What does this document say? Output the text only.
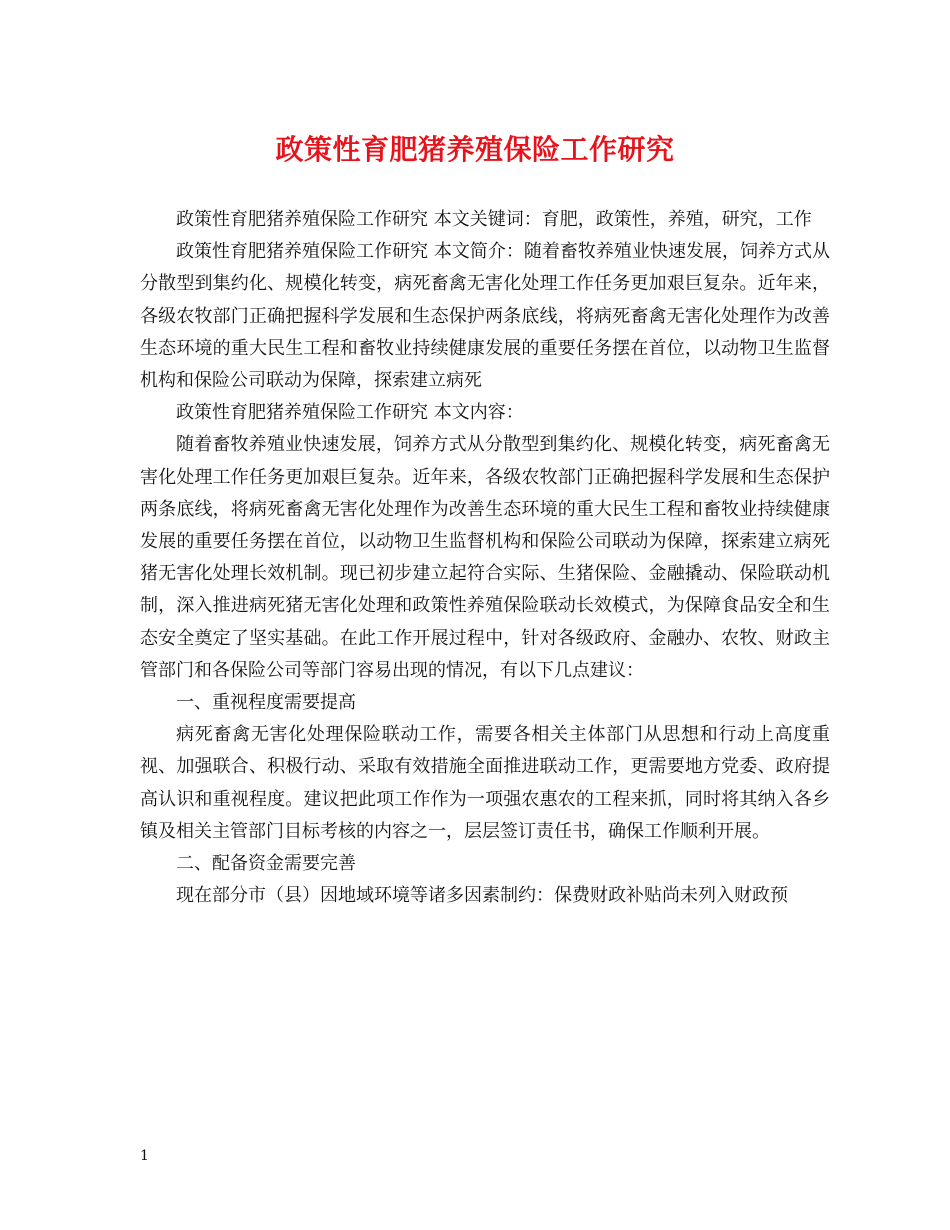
政策性育肥猪养殖保险工作研究

政策性育肥猪养殖保险工作研究 本文关键词：育肥，政策性，养殖，研究，工作

政策性育肥猪养殖保险工作研究 本文简介：随着畜牧养殖业快速发展，饲养方式从分散型到集约化、规模化转变，病死畜禽无害化处理工作任务更加艰巨复杂。近年来，各级农牧部门正确把握科学发展和生态保护两条底线，将病死畜禽无害化处理作为改善生态环境的重大民生工程和畜牧业持续健康发展的重要任务摆在首位，以动物卫生监督机构和保险公司联动为保障，探索建立病死

政策性育肥猪养殖保险工作研究 本文内容：

随着畜牧养殖业快速发展，饲养方式从分散型到集约化、规模化转变，病死畜禽无害化处理工作任务更加艰巨复杂。近年来，各级农牧部门正确把握科学发展和生态保护两条底线，将病死畜禽无害化处理作为改善生态环境的重大民生工程和畜牧业持续健康发展的重要任务摆在首位，以动物卫生监督机构和保险公司联动为保障，探索建立病死猪无害化处理长效机制。现已初步建立起符合实际、生猪保险、金融撬动、保险联动机制，深入推进病死猪无害化处理和政策性养殖保险联动长效模式，为保障食品安全和生态安全奠定了坚实基础。在此工作开展过程中，针对各级政府、金融办、农牧、财政主管部门和各保险公司等部门容易出现的情况，有以下几点建议：

一、重视程度需要提高

病死畜禽无害化处理保险联动工作，需要各相关主体部门从思想和行动上高度重视、加强联合、积极行动、采取有效措施全面推进联动工作，更需要地方党委、政府提高认识和重视程度。建议把此项工作作为一项强农惠农的工程来抓，同时将其纳入各乡镇及相关主管部门目标考核的内容之一，层层签订责任书，确保工作顺利开展。

二、配备资金需要完善

现在部分市（县）因地域环境等诸多因素制约：保费财政补贴尚未列入财政预

1
